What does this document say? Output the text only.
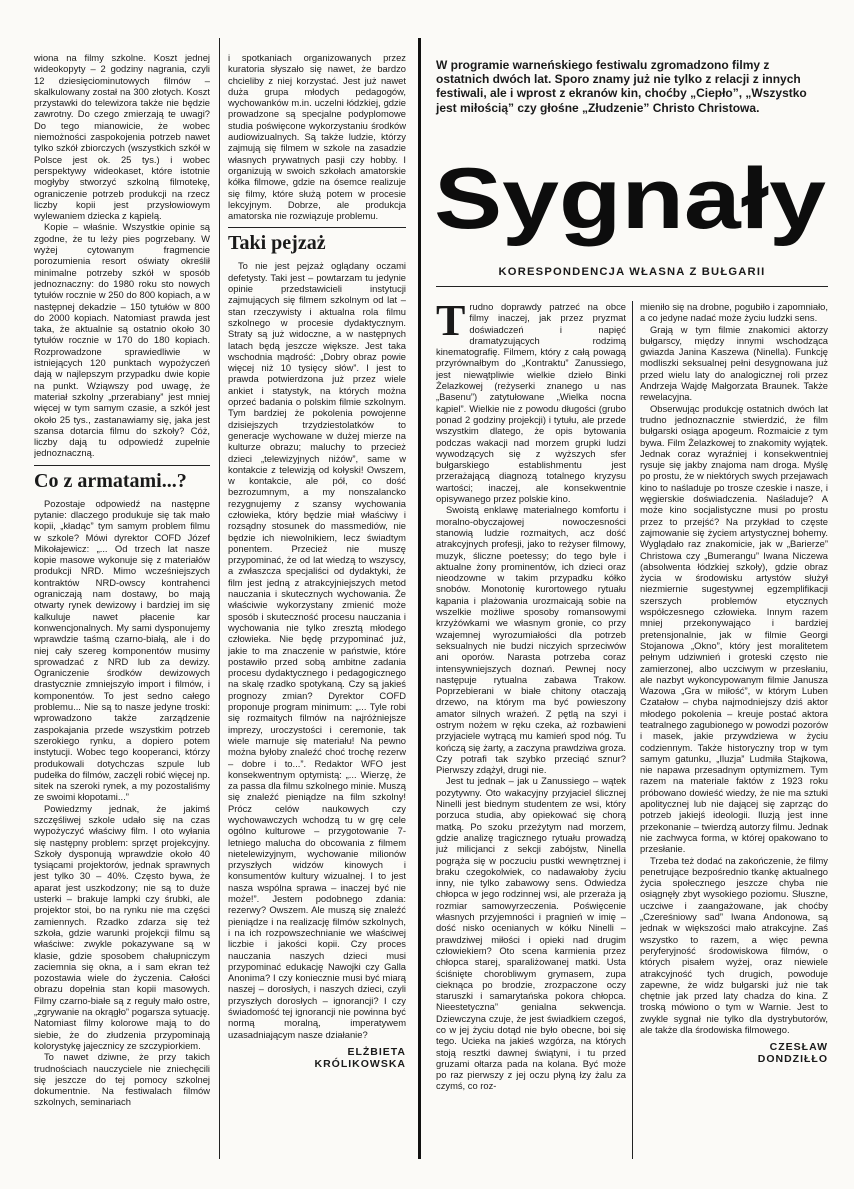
wiona na filmy szkolne. Koszt jednej wideokopyty – 2 godziny nagrania, czyli 12 dziesięciominutowych filmów – skalkulowany został na 300 złotych. Koszt przystawki do telewizora także nie będzie zawrotny. Do czego zmierzają te uwagi? Do tego mianowicie, że wobec niemożności zaspokojenia potrzeb nawet tylko szkół zbiorczych (wszystkich szkół w Polsce jest ok. 25 tys.) i wobec perspektywy wideokaset, które istotnie mogłyby stworzyć szkolną filmotekę, ograniczenie potrzeb produkcji na rzecz liczby kopii jest przysłowiowym wylewaniem dziecka z kąpielą.

Kopie – właśnie. Wszystkie opinie są zgodne, że tu leży pies pogrzebany. W wyżej cytowanym fragmencie porozumienia resort oświaty określił minimalne potrzeby szkół w sposób jednoznaczny: do 1980 roku sto nowych tytułów rocznie w 250 do 800 kopiach, a w następnej dekadzie – 150 tytułów w 800 do 2000 kopiach. Natomiast prawda jest taka, że aktualnie są ostatnio około 30 tytułów rocznie w 170 do 180 kopiach. Rozprowadzone sprawiedliwie w istniejących 120 punktach wypożyczeń dają w najlepszym przypadku dwie kopie na punkt. Wziąwszy pod uwagę, że materiał szkolny „przerabiany” jest mniej więcej w tym samym czasie, a szkół jest około 25 tys., zastanawiamy się, jaka jest szansa dotarcia filmu do szkoły? Cóż, liczby dają tu odpowiedź zupełnie jednoznaczną.

Co z armatami...?

Pozostaje odpowiedź na następne pytanie: dlaczego produkuje się tak mało kopii, „kładąc” tym samym problem filmu w szkole? Mówi dyrektor COFD Józef Mikołajewicz: „... Od trzech lat nasze kopie masowe wykonuje się z materiałów produkcji NRD. Mimo wcześniejszych kontraktów NRD-owscy kontrahenci ograniczają nam dostawy, bo mają otwarty rynek dewizowy i bardziej im się kalkuluje nawet płacenie kar konwencjonalnych. My sami dysponujemy wprawdzie taśmą czarno-białą, ale i do niej cały szereg komponentów musimy sprowadzać z NRD lub za dewizy. Ograniczenie środków dewizowych drastycznie zmniejszyło import i filmów, i komponentów. To jest sedno całego problemu... Nie są to nasze jedyne troski: wprowadzono także zarządzenie zaspokajania przede wszystkim potrzeb szerokiego rynku, a dopiero potem instytucji. Wobec tego kooperanci, którzy produkowali dotychczas szpule lub pudełka do filmów, zaczęli robić więcej np. sitek na szeroki rynek, a my pozostaliśmy ze swoimi kłopotami...”

Powiedzmy jednak, że jakimś szczęśliwej szkole udało się na czas wypożyczyć właściwy film. I oto wyłania się następny problem: sprzęt projekcyjny. Szkoły dysponują wprawdzie około 40 tysiącami projektorów, jednak sprawnych jest tylko 30 – 40%. Często bywa, że aparat jest uszkodzony; nie są to duże usterki – brakuje lampki czy śrubki, ale projektor stoi, bo na rynku nie ma części zamiennych. Rzadko zdarza się też szkoła, gdzie warunki projekcji filmu są właściwe: zwykle pokazywane są w klasie, gdzie sposobem chałupniczym zaciemnia się okna, a i sam ekran też pozostawia wiele do życzenia. Całości obrazu dopełnia stan kopii masowych. Filmy czarno-białe są z reguły mało ostre, „zgrywanie na okrągło” pogarsza sytuację. Natomiast filmy kolorowe mają to do siebie, że do złudzenia przypominają kolorystykę jajecznicy ze szczypiorkiem.

To nawet dziwne, że przy takich trudnościach nauczyciele nie zniechęcili się jeszcze do tej pomocy szkolnej dokumentnie. Na festiwalach filmów szkolnych, seminariach

i spotkaniach organizowanych przez kuratoria słyszało się nawet, że bardzo chcieliby z niej korzystać. Jest już nawet duża grupa młodych pedagogów, wychowanków m.in. uczelni łódzkiej, gdzie prowadzone są specjalne podyplomowe studia poświęcone wykorzystaniu środków audiowizualnych. Są także ludzie, którzy zajmują się filmem w szkole na zasadzie własnych prywatnych pasji czy hobby. I organizują w swoich szkołach amatorskie kółka filmowe, gdzie na ósemce realizuje się filmy, które służą potem w procesie lekcyjnym. Dobrze, ale produkcja amatorska nie rozwiązuje problemu.

Taki pejzaż

To nie jest pejzaż oglądany oczami defetysty. Taki jest – powtarzam tu jedynie opinie przedstawicieli instytucji zajmujących się filmem szkolnym od lat – stan rzeczywisty i aktualna rola filmu szkolnego w procesie dydaktycznym. Straty są już widoczne, a w następnych latach będą jeszcze większe. Jest taka wschodnia mądrość: „Dobry obraz powie więcej niż 10 tysięcy słów”. I jest to prawda potwierdzona już przez wiele ankiet i statystyk, na których można oprzeć badania o polskim filmie szkolnym. Tym bardziej że pokolenia powojenne dzisiejszych trzydziestolatków to generacje wychowane w dużej mierze na kulturze obrazu; maluchy to przecież dzieci „telewizyjnych niżów”, same w kontakcie z telewizją od kołyski! Owszem, w kontakcie, ale pół, co dość bezrozumnym, a my nonszalancko rezygnujemy z szansy wychowania człowieka, który będzie miał właściwy i rozsądny stosunek do massmediów, nie będzie ich niewolnikiem, lecz świadtym ponentem. Przecież nie muszę przypominać, że od lat wiedzą to wszyscy, a zwłaszcza specjaliści od dydaktyki, że film jest jedną z atrakcyjniejszych metod nauczania i skutecznych wychowania. Że właściwie wykorzystany zmienić może sposób i skuteczność procesu nauczania i wychowania nie tylko zresztą młodego człowieka. Nie będę przypominać już, jakie to ma znaczenie w państwie, które postawiło przed sobą ambitne zadania procesu dydaktycznego i pedagogicznego na skalę rzadko spotykaną. Czy są jakieś prognozy zmian? Dyrektor COFD proponuje program minimum: „... Tyle robi się rozmaitych filmów na najróżniejsze imprezy, uroczystości i ceremonie, tak wiele marnuje się materiału! Na pewno można byłoby znaleźć choć trochę rezerw – dobre i to...”. Redaktor WFO jest konsekwentnym optymistą: „... Wierzę, że za passa dla filmu szkolnego minie. Muszą się znaleźć pieniądze na film szkolny! Prócz celów naukowych czy wychowawczych wchodzą tu w grę cele ogólno kulturowe – przygotowanie 7-letniego malucha do obcowania z filmem nietelewizyjnym, wychowanie milionów przyszłych widzów kinowych i konsumentów kultury wizualnej. I to jest nasza wspólna sprawa – inaczej być nie może!”. Jestem podobnego zdania: rezerwy? Owszem. Ale muszą się znaleźć pieniądze i na realizację filmów szkolnych, i na ich rozpowszechnianie we właściwej liczbie i jakości kopii. Czy proces nauczania naszych dzieci musi przypominać edukację Nawojki czy Galla Anonima? I czy koniecznie musi być miarą naszej – dorosłych, i naszych dzieci, czyli przyszłych dorosłych – ignorancji? I czy świadomość tej ignorancji nie powinna być normą moralną, imperatywem uzasadniającym nasze działanie?

ELŻBIETA
KRÓLIKOWSKA
W programie warneńskiego festiwalu zgromadzono filmy z ostatnich dwóch lat. Sporo znamy już nie tylko z relacji z innych festiwali, ale i wprost z ekranów kin, choćby „Ciepło”, „Wszystko jest miłością” czy głośne „Złudzenie” Christo Christowa.
Sygnały
KORESPONDENCJA WŁASNA Z BUŁGARII

Trudno doprawdy patrzeć na obce filmy inaczej, jak przez pryzmat doświadczeń i napięć dramatyzujących rodzimą kinematografię. Filmem, który z całą powagą przyrównałbym do „Kontraktu” Zanussiego, jest niewątpliwie wielkie dzieło Binki Żelazkowej (reżyserki znanego u nas „Basenu”) zatytułowane „Wielka nocna kąpiel”. Wielkie nie z powodu długości (grubo ponad 2 godziny projekcji) i tytułu, ale przede wszystkim dlatego, że opis bytowania podczas wakacji nad morzem grupki ludzi wywodzących się z wyższych sfer bułgarskiego establishmentu jest przerażającą diagnozą totalnego kryzysu wartości; inaczej, ale konsekwentnie opisywanego przez polskie kino.

Swoistą enklawę materialnego komfortu i moralno-obyczajowej nowoczesności stanowią ludzie rozmaitych, acz dość atrakcyjnych profesji, jako to reżyser filmowy, muzyk, śliczne poetessy; do tego byle i aktualne żony prominentów, ich dzieci oraz nieodzowne w takim przypadku kółko snobów. Monotonię kurortowego rytuału kąpania i plażowania urozmaicają sobie na wszelkie możliwe sposoby romansowymi krzyżówkami we własnym gronie, co przy wzajemnej wyrozumiałości dla potrzeb seksualnych nie budzi niczyich sprzeciwów ani oporów. Narasta potrzeba coraz intensywniejszych doznań. Pewnej nocy następuje rytualna zabawa Trakow. Poprzebierani w białe chitony otaczają drzewo, na którym ma być powieszony amator silnych wrażeń. Z pętlą na szyi i ostrym nożem w ręku czeka, aż rozbawieni przyjaciele wytrącą mu kamień spod nóg. Tu kończą się żarty, a zaczyna prawdziwa groza. Czy potrafi tak szybko przeciąć sznur? Pierwszy zdążył, drugi nie.

Jest tu jednak – jak u Zanussiego – wątek pozytywny. Oto wakacyjny przyjaciel ślicznej Ninelli jest biednym studentem ze wsi, który porzuca studia, aby opiekować się chorą matką. Po szoku przeżytym nad morzem, gdzie analizę tragicznego rytuału prowadzą już milicjanci z sekcji zabójstw, Ninella pogrąża się w poczuciu pustki wewnętrznej i braku czegokolwiek, co nadawałoby życiu inny, nie tylko zabawowy sens. Odwiedza chłopca w jego rodzinnej wsi, ale przeraża ją rozmiar samowyrzeczenia. Poświęcenie własnych przyjemności i pragnień w imię – dość nisko ocenianych w kółku Ninelli – prawdziwej miłości i opieki nad drugim człowiekiem? Oto scena karmienia przez chłopca starej, sparaliżowanej matki. Usta ściśnięte chorobliwym grymasem, zupa cieknąca po brodzie, zrozpaczone oczy staruszki i samarytańska pokora chłopca. Nieestetyczna” genialna sekwencja. Dziewczyna czuje, że jest świadkiem czegoś, co w jej życiu dotąd nie było obecne, boi się tego. Ucieka na jakieś wzgórza, na których stoją resztki dawnej świątyni, i tu przed gruzami ołtarza pada na kolana. Być może po raz pierwszy z jej oczu płyną łzy żalu za czymś, co roz-

mieniło się na drobne, pogubiło i zapomniało, a co jedyne nadać może życiu ludzki sens.

Grają w tym filmie znakomici aktorzy bułgarscy, między innymi wschodząca gwiazda Janina Kaszewa (Ninella). Funkcję modliszki seksualnej pełni desygnowana już przed wielu laty do analogicznej roli przez Andrzeja Wajdę Małgorzata Braunek. Także rewelacyjna.

Obserwując produkcję ostatnich dwóch lat trudno jednoznacznie stwierdzić, że film bułgarski osiąga apogeum. Rozmaicie z tym bywa. Film Żelazkowej to znakomity wyjątek. Jednak coraz wyraźniej i konsekwentniej rysuje się jakby znajoma nam droga. Myślę po prostu, że w niektórych swych przejawach kino to naśladuje po trosze czeskie i nasze, i węgierskie doświadczenia. Naśladuje? A może kino socjalistyczne musi po prostu przez to przejść? Na przykład to częste zajmowanie się życiem artystycznej bohemy. Wyglądało raz znakomicie, jak w „Barierze” Christowa czy „Bumerangu” Iwana Niczewa (absolwenta łódzkiej szkoły), gdzie obraz życia w środowisku artystów służył niezmiernie sugestywnej egzemplifikacji szerszych problemów etycznych współczesnego człowieka. Innym razem mniej przekonywająco i bardziej pretensjonalnie, jak w filmie Georgi Stojanowa „Okno”, który jest moralitetem pełnym udziwnień i groteski często nie zamierzonej, albo uczciwym w przesłaniu, ale nazbyt wykoncypowanym filmie Janusza Wazowa „Gra w miłość”, w którym Luben Czatałow – chyba najmodniejszy dziś aktor młodego pokolenia – kreuje postać aktora teatralnego zagubionego w powodzi pozorów i masek, jakie przywdziewa w życiu codziennym. Także historyczny trop w tym samym gatunku, „Iluzja” Ludmiła Stajkowa, nie napawa przesadnym optymizmem. Tym razem na materiale faktów z 1923 roku próbowano dowieść wiedzy, że nie ma sztuki apolitycznej lub nie dającej się zaprząc do potrzeb jakiejś ideologii. Iluzją jest inne przekonanie – twierdzą autorzy filmu. Jednak nie zachwyca forma, w której opakowano to przesłanie.

Trzeba też dodać na zakończenie, że filmy penetrujące bezpośrednio tkankę aktualnego życia społecznego jeszcze chyba nie osiągnęły zbyt wysokiego poziomu. Słuszne, uczciwe i zaangażowane, jak choćby „Czereśniowy sad” Iwana Andonowa, są jednak w większości mało atrakcyjne. Zaś wszystko to razem, a więc pewna peryferyjność środowiskowa filmów, o których pisałem wyżej, oraz niewiele atrakcyjność tych drugich, powoduje zapewne, że widz bułgarski już nie tak chętnie jak przed laty chadza do kina. Z troską mówiono o tym w Warnie. Jest to zwykle sygnał nie tylko dla dystrybutorów, ale także dla środowiska filmowego.

CZESŁAW
DONDZIŁŁO
